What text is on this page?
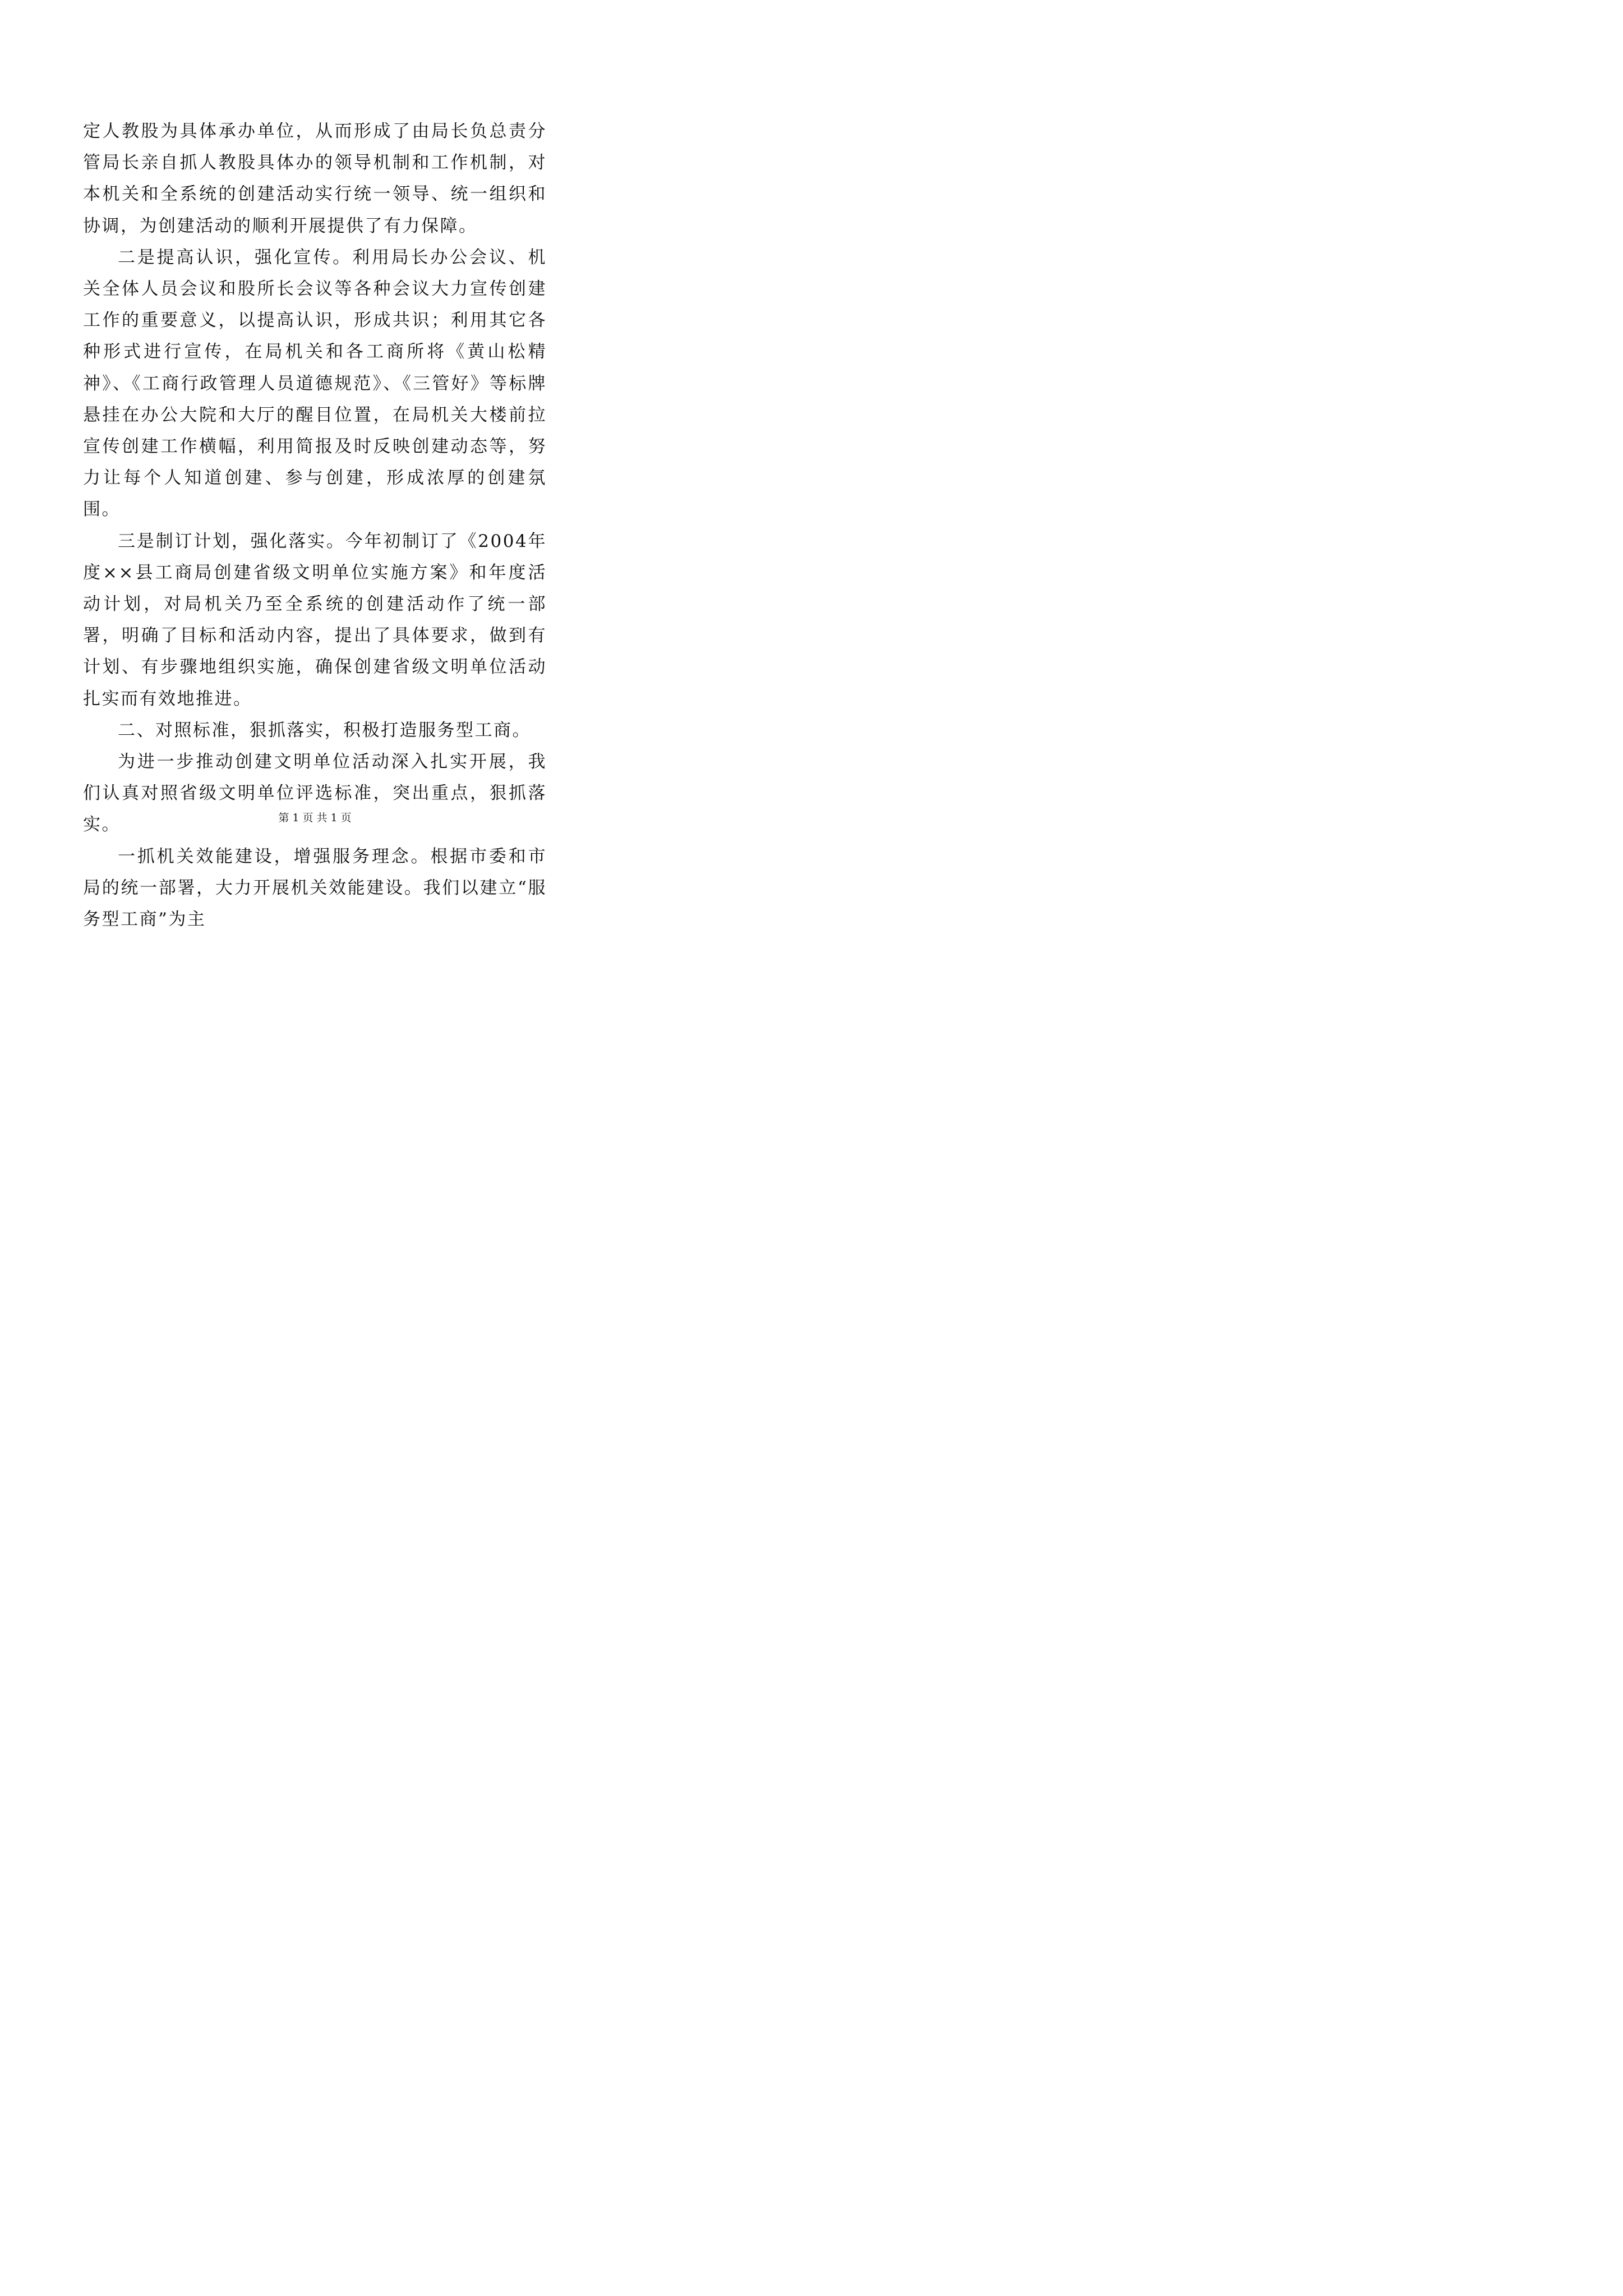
定人教股为具体承办单位，从而形成了由局长负总责分管局长亲自抓人教股具体办的领导机制和工作机制，对本机关和全系统的创建活动实行统一领导、统一组织和协调，为创建活动的顺利开展提供了有力保障。

二是提高认识，强化宣传。利用局长办公会议、机关全体人员会议和股所长会议等各种会议大力宣传创建工作的重要意义，以提高认识，形成共识；利用其它各种形式进行宣传，在局机关和各工商所将《黄山松精神》、《工商行政管理人员道德规范》、《三管好》等标牌悬挂在办公大院和大厅的醒目位置，在局机关大楼前拉宣传创建工作横幅，利用简报及时反映创建动态等，努力让每个人知道创建、参与创建，形成浓厚的创建氛围。

三是制订计划，强化落实。今年初制订了《2004年度××县工商局创建省级文明单位实施方案》和年度活动计划，对局机关乃至全系统的创建活动作了统一部署，明确了目标和活动内容，提出了具体要求，做到有计划、有步骤地组织实施，确保创建省级文明单位活动扎实而有效地推进。

二、对照标准，狠抓落实，积极打造服务型工商。

为进一步推动创建文明单位活动深入扎实开展，我们认真对照省级文明单位评选标准，突出重点，狠抓落实。

一抓机关效能建设，增强服务理念。根据市委和市局的统一部署，大力开展机关效能建设。我们以建立“服务型工商”为主

第 1 页 共 1 页
